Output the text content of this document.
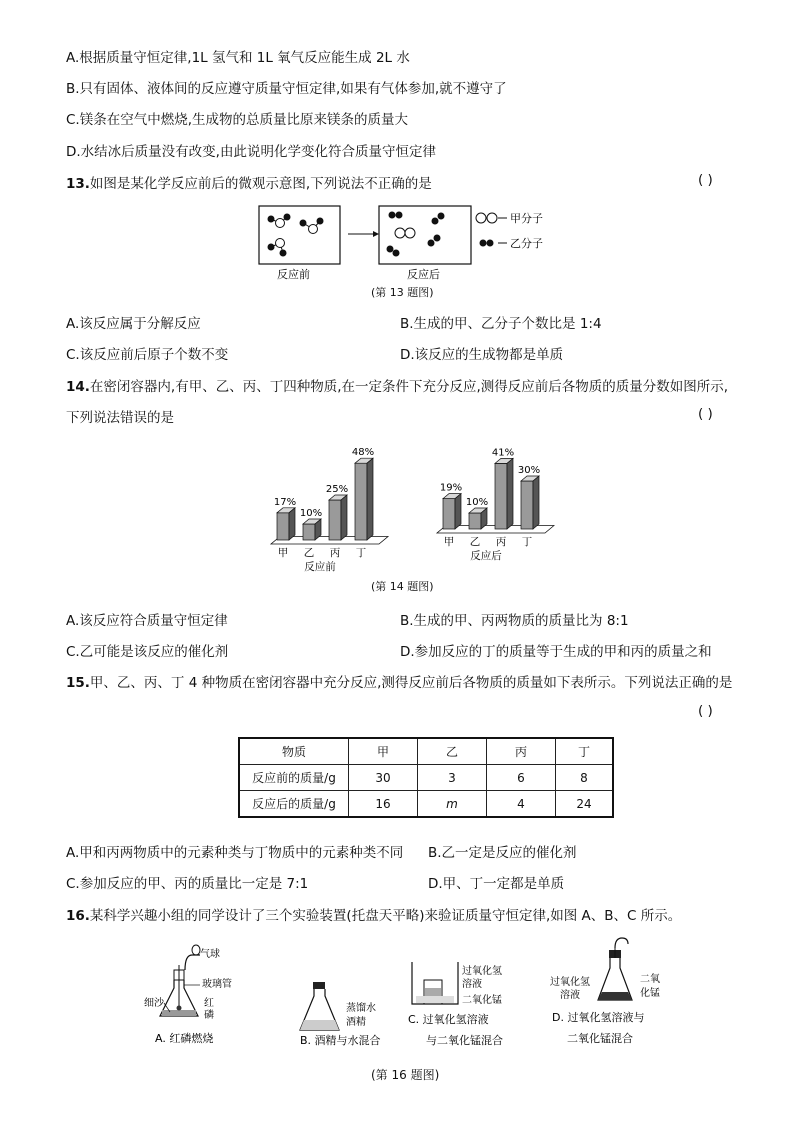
A.根据质量守恒定律,1L 氢气和 1L 氧气反应能生成 2L 水
B.只有固体、液体间的反应遵守质量守恒定律,如果有气体参加,就不遵守了
C.镁条在空气中燃烧,生成物的总质量比原来镁条的质量大
D.水结冰后质量没有改变,由此说明化学变化符合质量守恒定律
13.如图是某化学反应前后的微观示意图,下列说法不正确的是	( )
甲分子
乙分子
反应前	反应后
(第 13 题图)
A.该反应属于分解反应	B.生成的甲、乙分子个数比是 1:4
C.该反应前后原子个数不变	D.该反应的生成物都是单质
14.在密闭容器内,有甲、乙、丙、丁四种物质,在一定条件下充分反应,测得反应前后各物质的质量分数如图所示,
下列说法错误的是	( )
17%
甲
10%
乙
25%
丙
48%
丁
反应前
19%
甲
10%
乙
41%
丙
30%
丁
反应后
(第 14 题图)
A.该反应符合质量守恒定律	B.生成的甲、丙两物质的质量比为 8:1
C.乙可能是该反应的催化剂	D.参加反应的丁的质量等于生成的甲和丙的质量之和
15.甲、乙、丙、丁 4 种物质在密闭容器中充分反应,测得反应前后各物质的质量如下表所示。下列说法正确的是
( )
物质	甲	乙	丙	丁
反应前的质量/g	30	3	6	8
反应后的质量/g	16	m	4	24
A.甲和丙两物质中的元素种类与丁物质中的元素种类不同 B.乙一定是反应的催化剂
C.参加反应的甲、丙的质量比一定是 7:1	D.甲、丁一定都是单质
16.某科学兴趣小组的同学设计了三个实验装置(托盘天平略)来验证质量守恒定律,如图 A、B、C 所示。
气球
玻璃管
细沙	红
磷
A. 红磷燃烧
蒸馏水
酒精
B. 酒精与水混合
过氧化氢
溶液
二氧化锰
C. 过氧化氢溶液
与二氧化锰混合
过氧化氢
溶液
二氧
化锰
D. 过氧化氢溶液与
二氧化锰混合
(第 16 题图)
